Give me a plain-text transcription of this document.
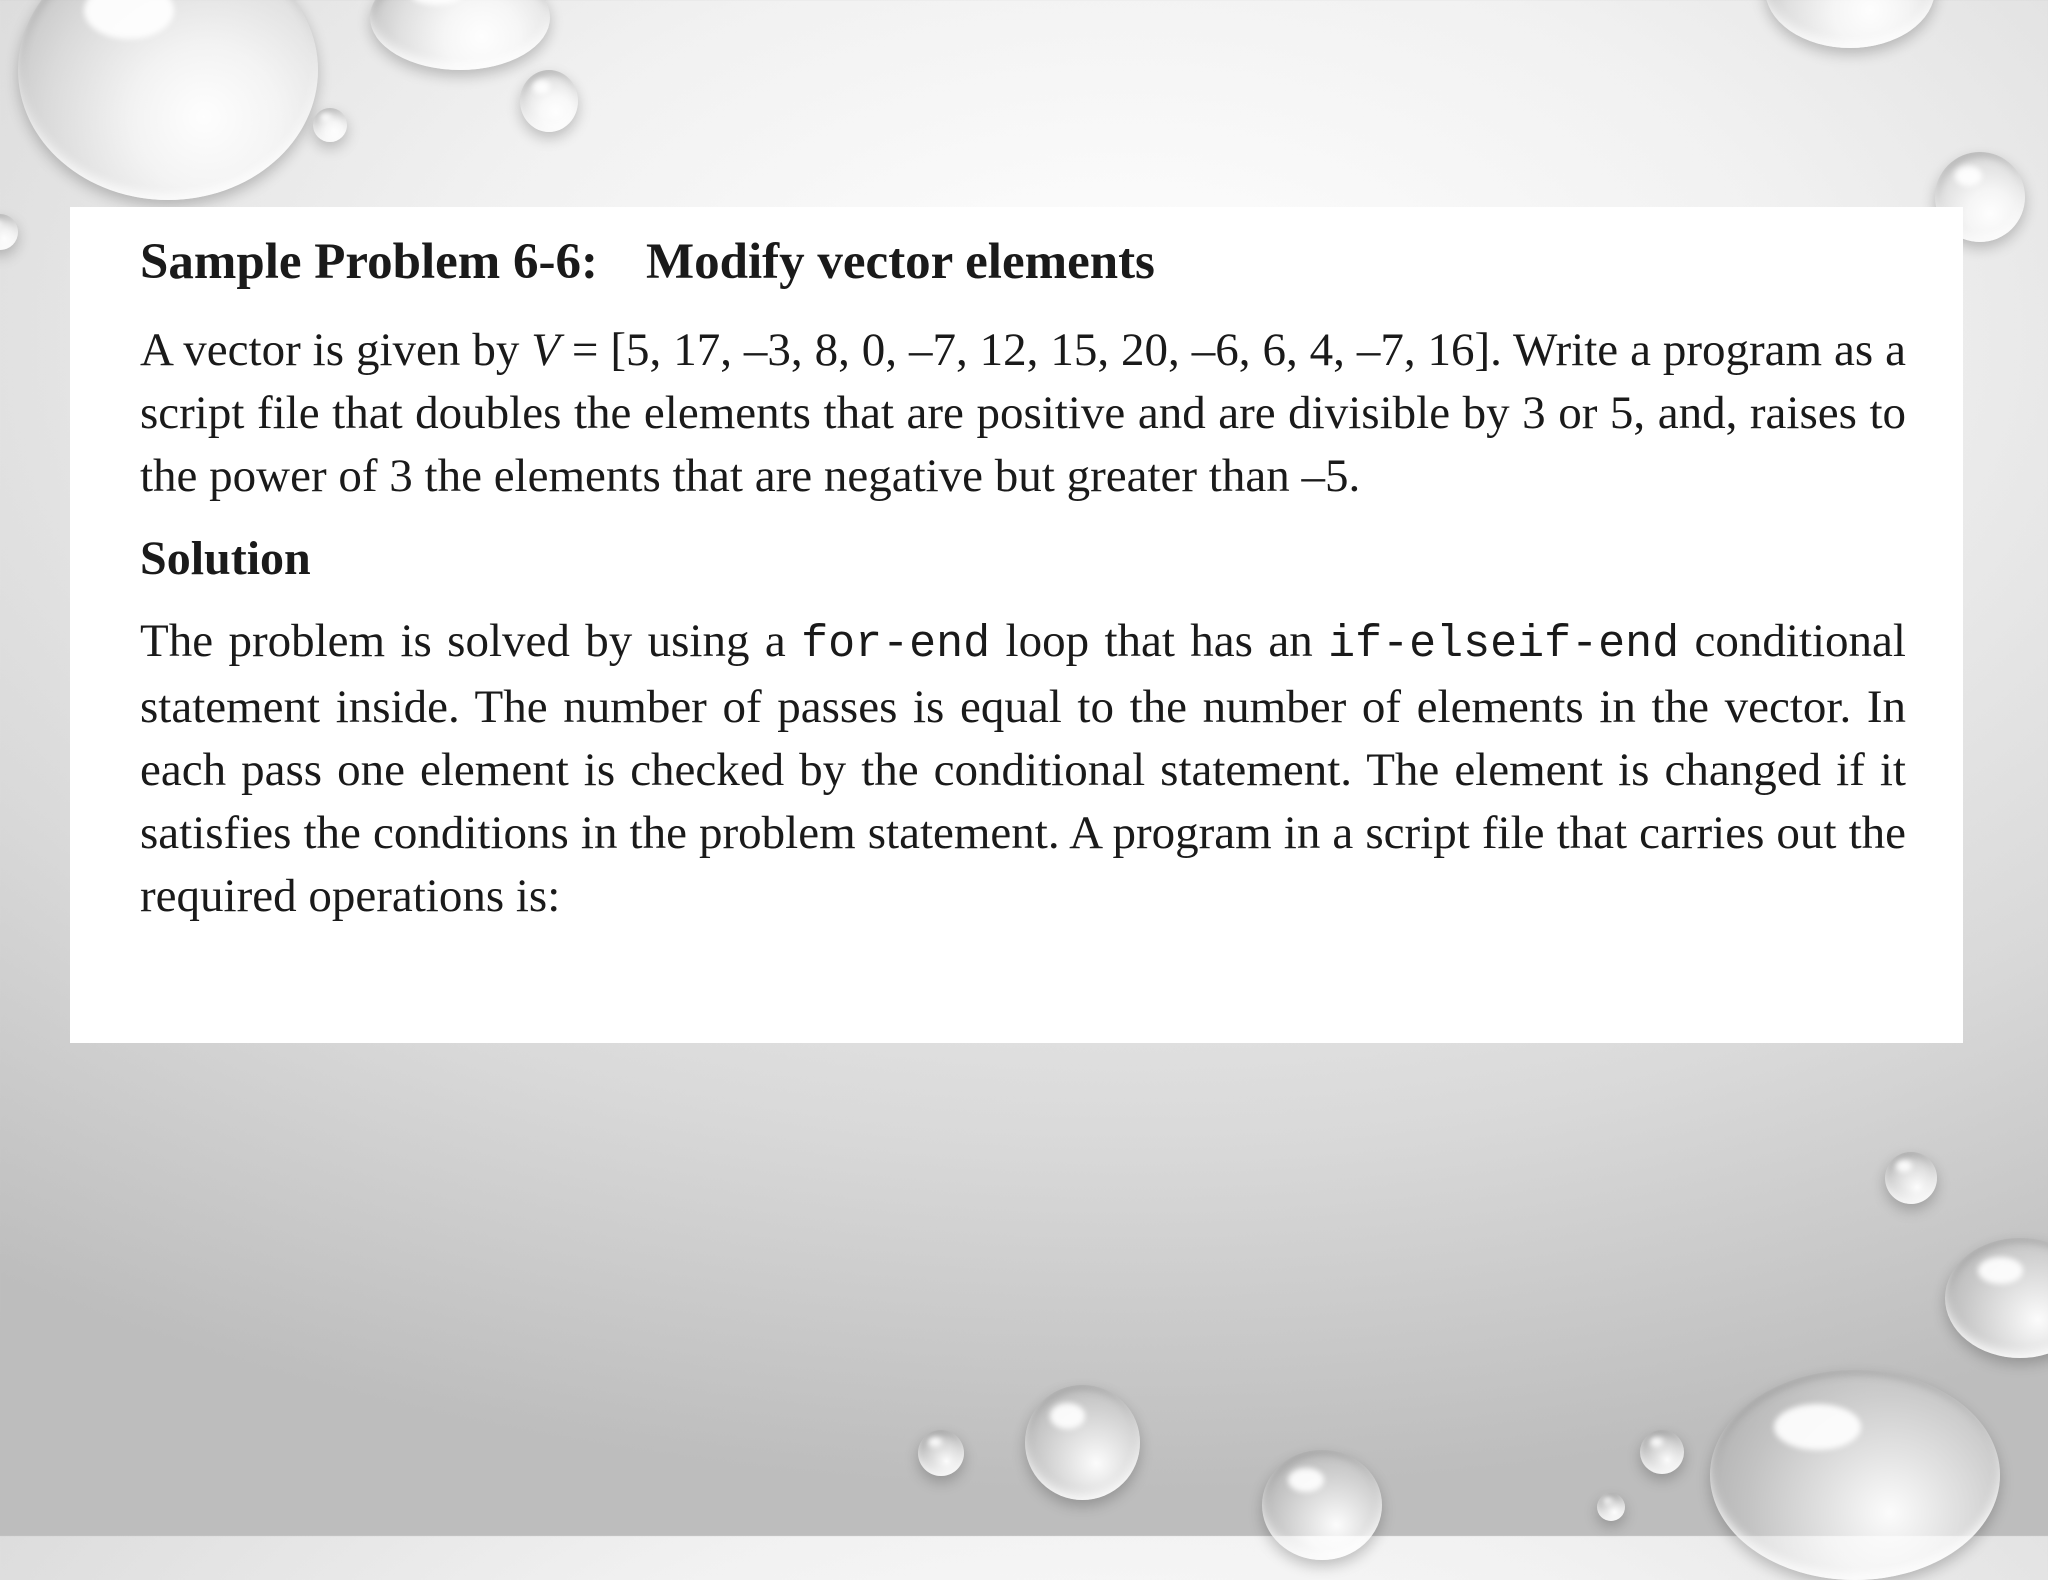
Sample Problem 6-6: Modify vector elements

A vector is given by V = [5, 17, –3, 8, 0, –7, 12, 15, 20, –6, 6, 4, –7, 16]. Write a program as a script file that doubles the elements that are positive and are divisible by 3 or 5, and, raises to the power of 3 the elements that are negative but greater than –5.

Solution

The problem is solved by using a for-end loop that has an if-elseif-end conditional statement inside. The number of passes is equal to the number of elements in the vector. In each pass one element is checked by the conditional statement. The element is changed if it satisfies the conditions in the problem statement. A program in a script file that carries out the required operations is:
